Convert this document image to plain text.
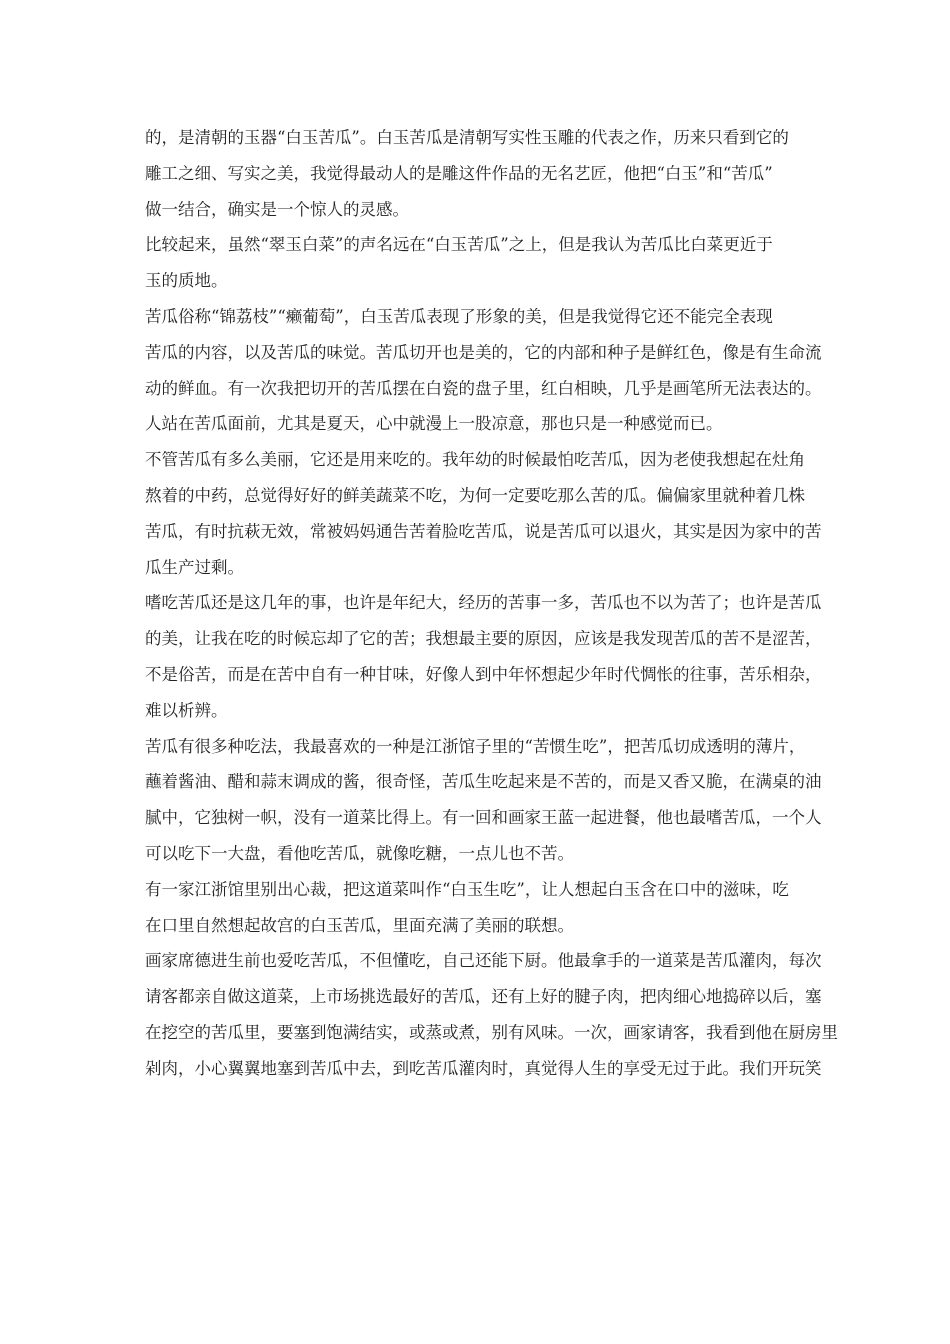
的，是清朝的玉器“白玉苦瓜”。白玉苦瓜是清朝写实性玉雕的代表之作，历来只看到它的
雕工之细、写实之美，我觉得最动人的是雕这件作品的无名艺匠，他把“白玉”和“苦瓜”
做一结合，确实是一个惊人的灵感。

比较起来，虽然“翠玉白菜”的声名远在“白玉苦瓜”之上，但是我认为苦瓜比白菜更近于
玉的质地。

苦瓜俗称“锦荔枝”“癞葡萄”，白玉苦瓜表现了形象的美，但是我觉得它还不能完全表现
苦瓜的内容，以及苦瓜的味觉。苦瓜切开也是美的，它的内部和种子是鲜红色，像是有生命流
动的鲜血。有一次我把切开的苦瓜摆在白瓷的盘子里，红白相映，几乎是画笔所无法表达的。
人站在苦瓜面前，尤其是夏天，心中就漫上一股凉意，那也只是一种感觉而已。

不管苦瓜有多么美丽，它还是用来吃的。我年幼的时候最怕吃苦瓜，因为老使我想起在灶角
熬着的中药，总觉得好好的鲜美蔬菜不吃，为何一定要吃那么苦的瓜。偏偏家里就种着几株
苦瓜，有时抗萩无效，常被妈妈通告苦着脸吃苦瓜，说是苦瓜可以退火，其实是因为家中的苦
瓜生产过剩。

嗜吃苦瓜还是这几年的事，也许是年纪大，经历的苦事一多，苦瓜也不以为苦了；也许是苦瓜
的美，让我在吃的时候忘却了它的苦；我想最主要的原因，应该是我发现苦瓜的苦不是涩苦，
不是俗苦，而是在苦中自有一种甘味，好像人到中年怀想起少年时代惆怅的往事，苦乐相杂，
难以析辨。

苦瓜有很多种吃法，我最喜欢的一种是江浙馆子里的“苦惯生吃”，把苦瓜切成透明的薄片，
蘸着酱油、醋和蒜末调成的酱，很奇怪，苦瓜生吃起来是不苦的，而是又香又脆，在满桌的油
腻中，它独树一帜，没有一道菜比得上。有一回和画家王蓝一起进餐，他也最嗜苦瓜，一个人
可以吃下一大盘，看他吃苦瓜，就像吃糖，一点儿也不苦。

有一家江浙馆里别出心裁，把这道菜叫作“白玉生吃”，让人想起白玉含在口中的滋味，吃
在口里自然想起故宫的白玉苦瓜，里面充满了美丽的联想。

画家席德进生前也爱吃苦瓜，不但懂吃，自己还能下厨。他最拿手的一道菜是苦瓜灌肉，每次
请客都亲自做这道菜，上市场挑选最好的苦瓜，还有上好的腱子肉，把肉细心地捣碎以后，塞
在挖空的苦瓜里，要塞到饱满结实，或蒸或煮，别有风味。一次，画家请客，我看到他在厨房里
剁肉，小心翼翼地塞到苦瓜中去，到吃苦瓜灌肉时，真觉得人生的享受无过于此。我们开玩笑
